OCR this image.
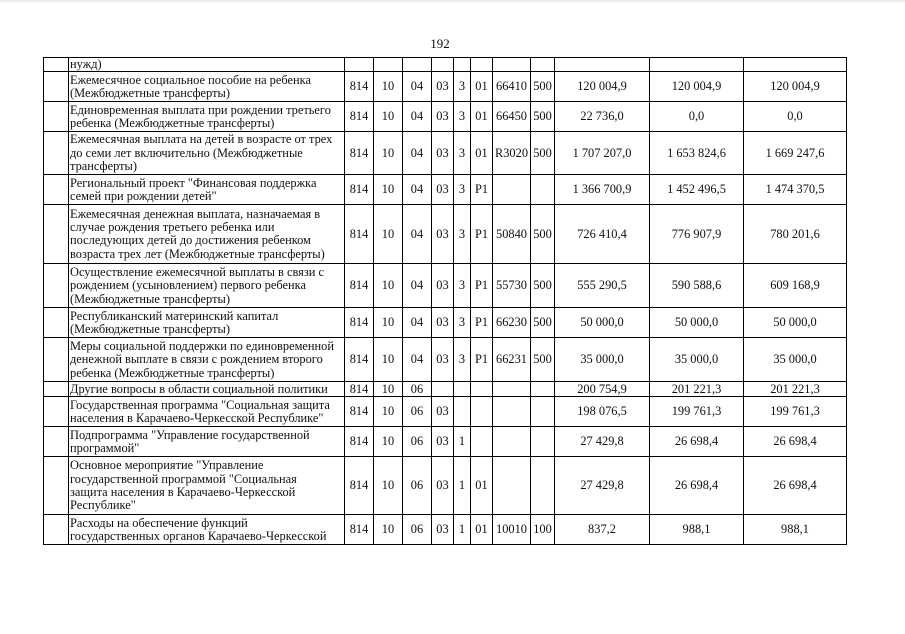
192

	нужд)											

	Ежемесячное социальное пособие на ребенка
(Межбюджетные трансферты)	814	10	04	03	3	01	66410	500	120 004,9	120 004,9	120 004,9

	Единовременная выплата при рождении третьего
ребенка (Межбюджетные трансферты)	814	10	04	03	3	01	66450	500	22 736,0	0,0	0,0

	Ежемесячная выплата на детей в возрасте от трех
до семи лет включительно (Межбюджетные
трансферты)	814	10	04	03	3	01	R3020	500	1 707 207,0	1 653 824,6	1 669 247,6

	Региональный проект "Финансовая поддержка
семей при рождении детей"	814	10	04	03	3	P1			1 366 700,9	1 452 496,5	1 474 370,5

	Ежемесячная денежная выплата, назначаемая в
случае рождения третьего ребенка или
последующих детей до достижения ребенком
возраста трех лет (Межбюджетные трансферты)	814	10	04	03	3	P1	50840	500	726 410,4	776 907,9	780 201,6

	Осуществление ежемесячной выплаты в связи с
рождением (усыновлением) первого ребенка
(Межбюджетные трансферты)	814	10	04	03	3	P1	55730	500	555 290,5	590 588,6	609 168,9

	Республиканский материнский капитал
(Межбюджетные трансферты)	814	10	04	03	3	P1	66230	500	50 000,0	50 000,0	50 000,0

	Меры социальной поддержки по единовременной
денежной выплате в связи с рождением второго
ребенка (Межбюджетные трансферты)	814	10	04	03	3	P1	66231	500	35 000,0	35 000,0	35 000,0

	Другие вопросы в области социальной политики	814	10	06						200 754,9	201 221,3	201 221,3

	Государственная программа "Социальная защита
населения в Карачаево-Черкесской Республике"	814	10	06	03					198 076,5	199 761,3	199 761,3

	Подпрограмма "Управление государственной
программой"	814	10	06	03	1				27 429,8	26 698,4	26 698,4

	Основное мероприятие "Управление
государственной программой "Социальная
защита населения в Карачаево-Черкесской
Республике"	814	10	06	03	1	01			27 429,8	26 698,4	26 698,4

	Расходы на обеспечение функций
государственных органов Карачаево-Черкесской	814	10	06	03	1	01	10010	100	837,2	988,1	988,1
